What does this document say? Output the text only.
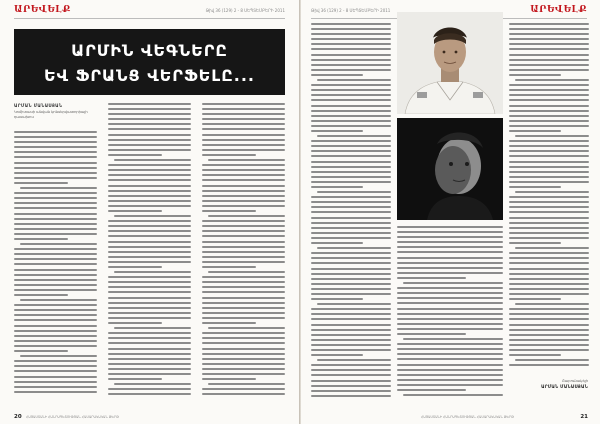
ԱՐԵՎԵԼՔ	Թիվ 36 (129) 2 - 8 ՍԵՊՏԵՄԲԵՐԻ 2011
ԱՐՄԻՆ ՎԵԳՆԵՐԸ
ԵՎ ՖՐԱՆՑ ՎԵՐՖԵԼԸ...
ԱՐՄԱՆ ՄԱՆԱՍՅԱՆ
Կոմիտասի անվան կոնսերվատորիայի դասախոս
ՀԱՅԱՍՏԱՆԻ ՀԱՆՐԱՊԵՏՈՒԹՅԱՆ ՀԱՍԱՐԱԿԱԿԱՆ ԹԵՐԹ
20
Թիվ 36 (129) 2 - 8 ՍԵՊՏԵՄԲԵՐԻ 2011	ԱՐԵՎԵԼՔ
Շարունակելի
ԱՐՄԱՆ ՄԱՆԱՍՅԱՆ
ՀԱՅԱՍՏԱՆԻ ՀԱՆՐԱՊԵՏՈՒԹՅԱՆ ՀԱՍԱՐԱԿԱԿԱՆ ԹԵՐԹ	21
